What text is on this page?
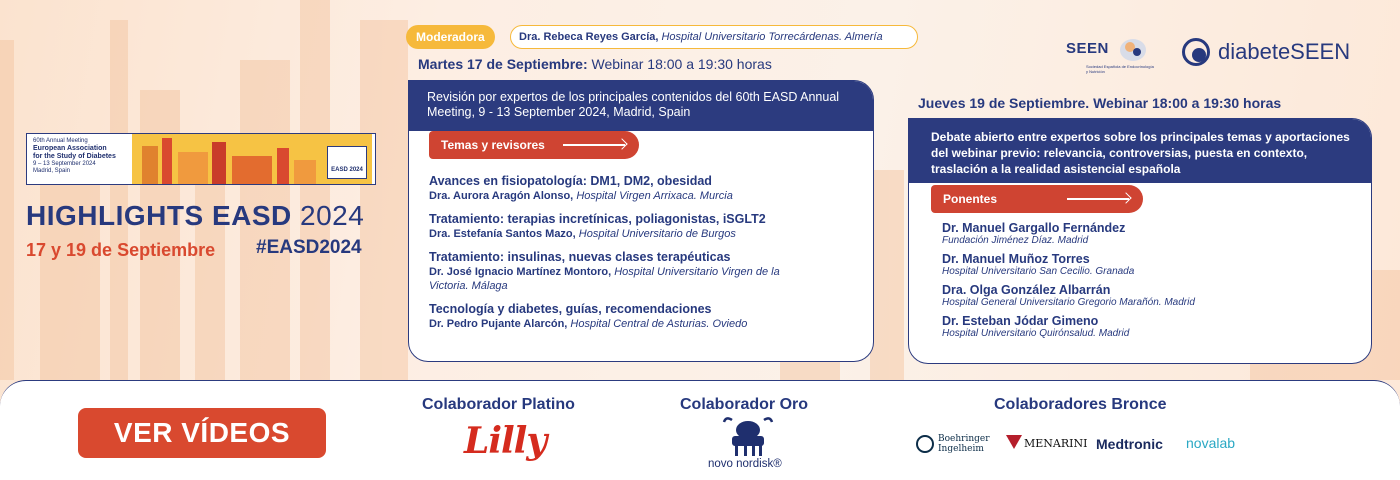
60th Annual Meeting
European Association
for the Study of Diabetes
9 – 13 September 2024
Madrid, Spain	EASD 2024
HIGHLIGHTS EASD 2024
17 y 19 de Septiembre #EASD2024
Moderadora	Dra. Rebeca Reyes García, Hospital Universitario Torrecárdenas. Almería
Martes 17 de Septiembre: Webinar 18:00 a 19:30 horas
Revisión por expertos de los principales contenidos del 60th EASD Annual Meeting, 9 - 13 September 2024, Madrid, Spain
Temas y revisores
Avances en fisiopatología: DM1, DM2, obesidad
Dra. Aurora Aragón Alonso, Hospital Virgen Arrixaca. Murcia
Tratamiento: terapias incretínicas, poliagonistas, iSGLT2
Dra. Estefanía Santos Mazo, Hospital Universitario de Burgos
Tratamiento: insulinas, nuevas clases terapéuticas
Dr. José Ignacio Martínez Montoro, Hospital Universitario Virgen de la Victoria. Málaga
Tecnología y diabetes, guías, recomendaciones
Dr. Pedro Pujante Alarcón, Hospital Central de Asturias. Oviedo
SEEN
Sociedad Española de Endocrinología y Nutrición
diabeteSEEN
Jueves 19 de Septiembre. Webinar 18:00 a 19:30 horas
Debate abierto entre expertos sobre los principales temas y aportaciones del webinar previo: relevancia, controversias, puesta en contexto, traslación a la realidad asistencial española
Ponentes
Dr. Manuel Gargallo Fernández
Fundación Jiménez Díaz. Madrid
Dr. Manuel Muñoz Torres
Hospital Universitario San Cecilio. Granada
Dra. Olga González Albarrán
Hospital General Universitario Gregorio Marañón. Madrid
Dr. Esteban Jódar Gimeno
Hospital Universitario Quirónsalud. Madrid
VER VÍDEOS
Colaborador Platino
Lilly
Colaborador Oro
novo nordisk®
Colaboradores Bronce
Boehringer Ingelheim	MENARINI Medtronic novalab
